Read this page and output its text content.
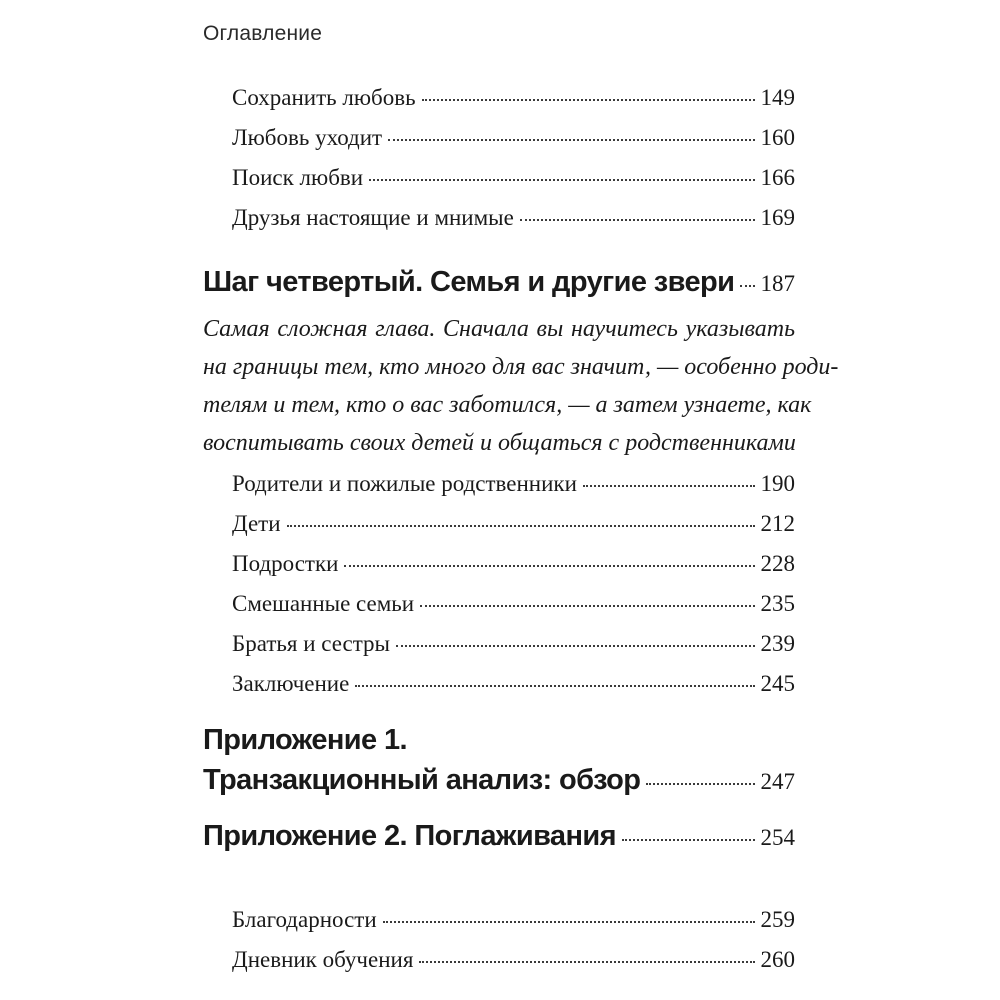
Оглавление
Сохранить любовь	149
Любовь уходит	160
Поиск любви	166
Друзья настоящие и мнимые	169
Шаг четвертый. Семья и другие звери 187
Самая сложная глава. Сначала вы научитесь указывать
на границы тем, кто много для вас значит, — особенно роди-
телям и тем, кто о вас заботился, — а затем узнаете, как
воспитывать своих детей и общаться с родственниками
Родители и пожилые родственники	190
Дети	212
Подростки	228
Смешанные семьи	235
Братья и сестры	239
Заключение	245
Приложение 1.
Транзакционный анализ: обзор	247
Приложение 2. Поглаживания	254
Благодарности	259
Дневник обучения	260
